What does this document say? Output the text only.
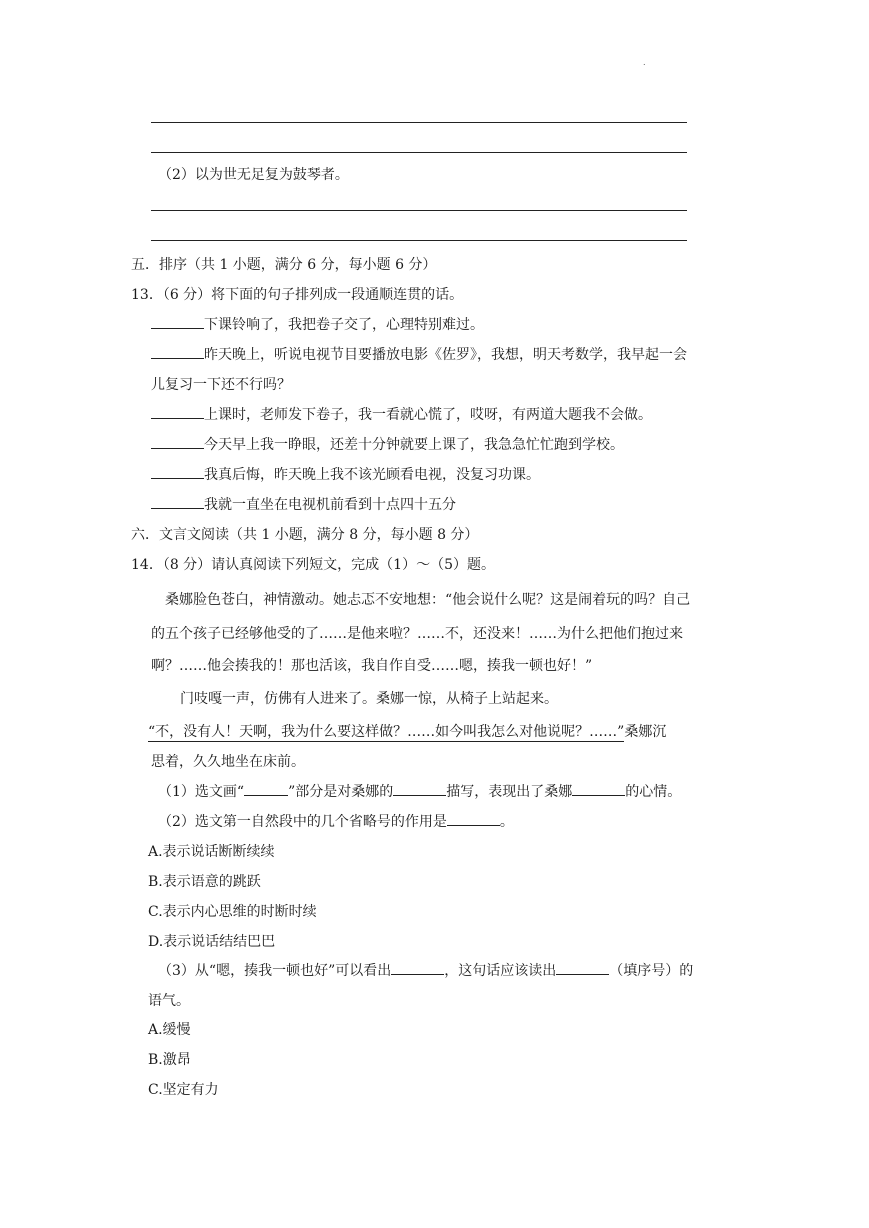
.
（2）以为世无足复为鼓琴者。
五．排序（共 1 小题，满分 6 分，每小题 6 分）
13．（6 分）将下面的句子排列成一段通顺连贯的话。
下课铃响了，我把卷子交了，心理特别难过。
昨天晚上，听说电视节目要播放电影《佐罗》，我想，明天考数学，我早起一会
儿复习一下还不行吗？
上课时，老师发下卷子，我一看就心慌了，哎呀，有两道大题我不会做。
今天早上我一睁眼，还差十分钟就要上课了，我急急忙忙跑到学校。
我真后悔，昨天晚上我不该光顾看电视，没复习功课。
我就一直坐在电视机前看到十点四十五分
六．文言文阅读（共 1 小题，满分 8 分，每小题 8 分）
14．（8 分）请认真阅读下列短文，完成（1）～（5）题。
桑娜脸色苍白，神情激动。她忐忑不安地想：“他会说什么呢？这是闹着玩的吗？自己
的五个孩子已经够他受的了……是他来啦？……不，还没来！……为什么把他们抱过来
啊？……他会揍我的！那也活该，我自作自受……嗯，揍我一顿也好！”
门吱嘎一声，仿佛有人进来了。桑娜一惊，从椅子上站起来。
“不，没有人！天啊，我为什么要这样做？……如今叫我怎么对他说呢？……”桑娜沉
思着，久久地坐在床前。
（1）选文画“	”部分是对桑娜的	描写，表现出了桑娜	的心情。
（2）选文第一自然段中的几个省略号的作用是	。
A.表示说话断断续续
B.表示语意的跳跃
C.表示内心思维的时断时续
D.表示说话结结巴巴
（3）从“嗯，揍我一顿也好”可以看出	，这句话应该读出	（填序号）的
语气。
A.缓慢
B.激昂
C.坚定有力
